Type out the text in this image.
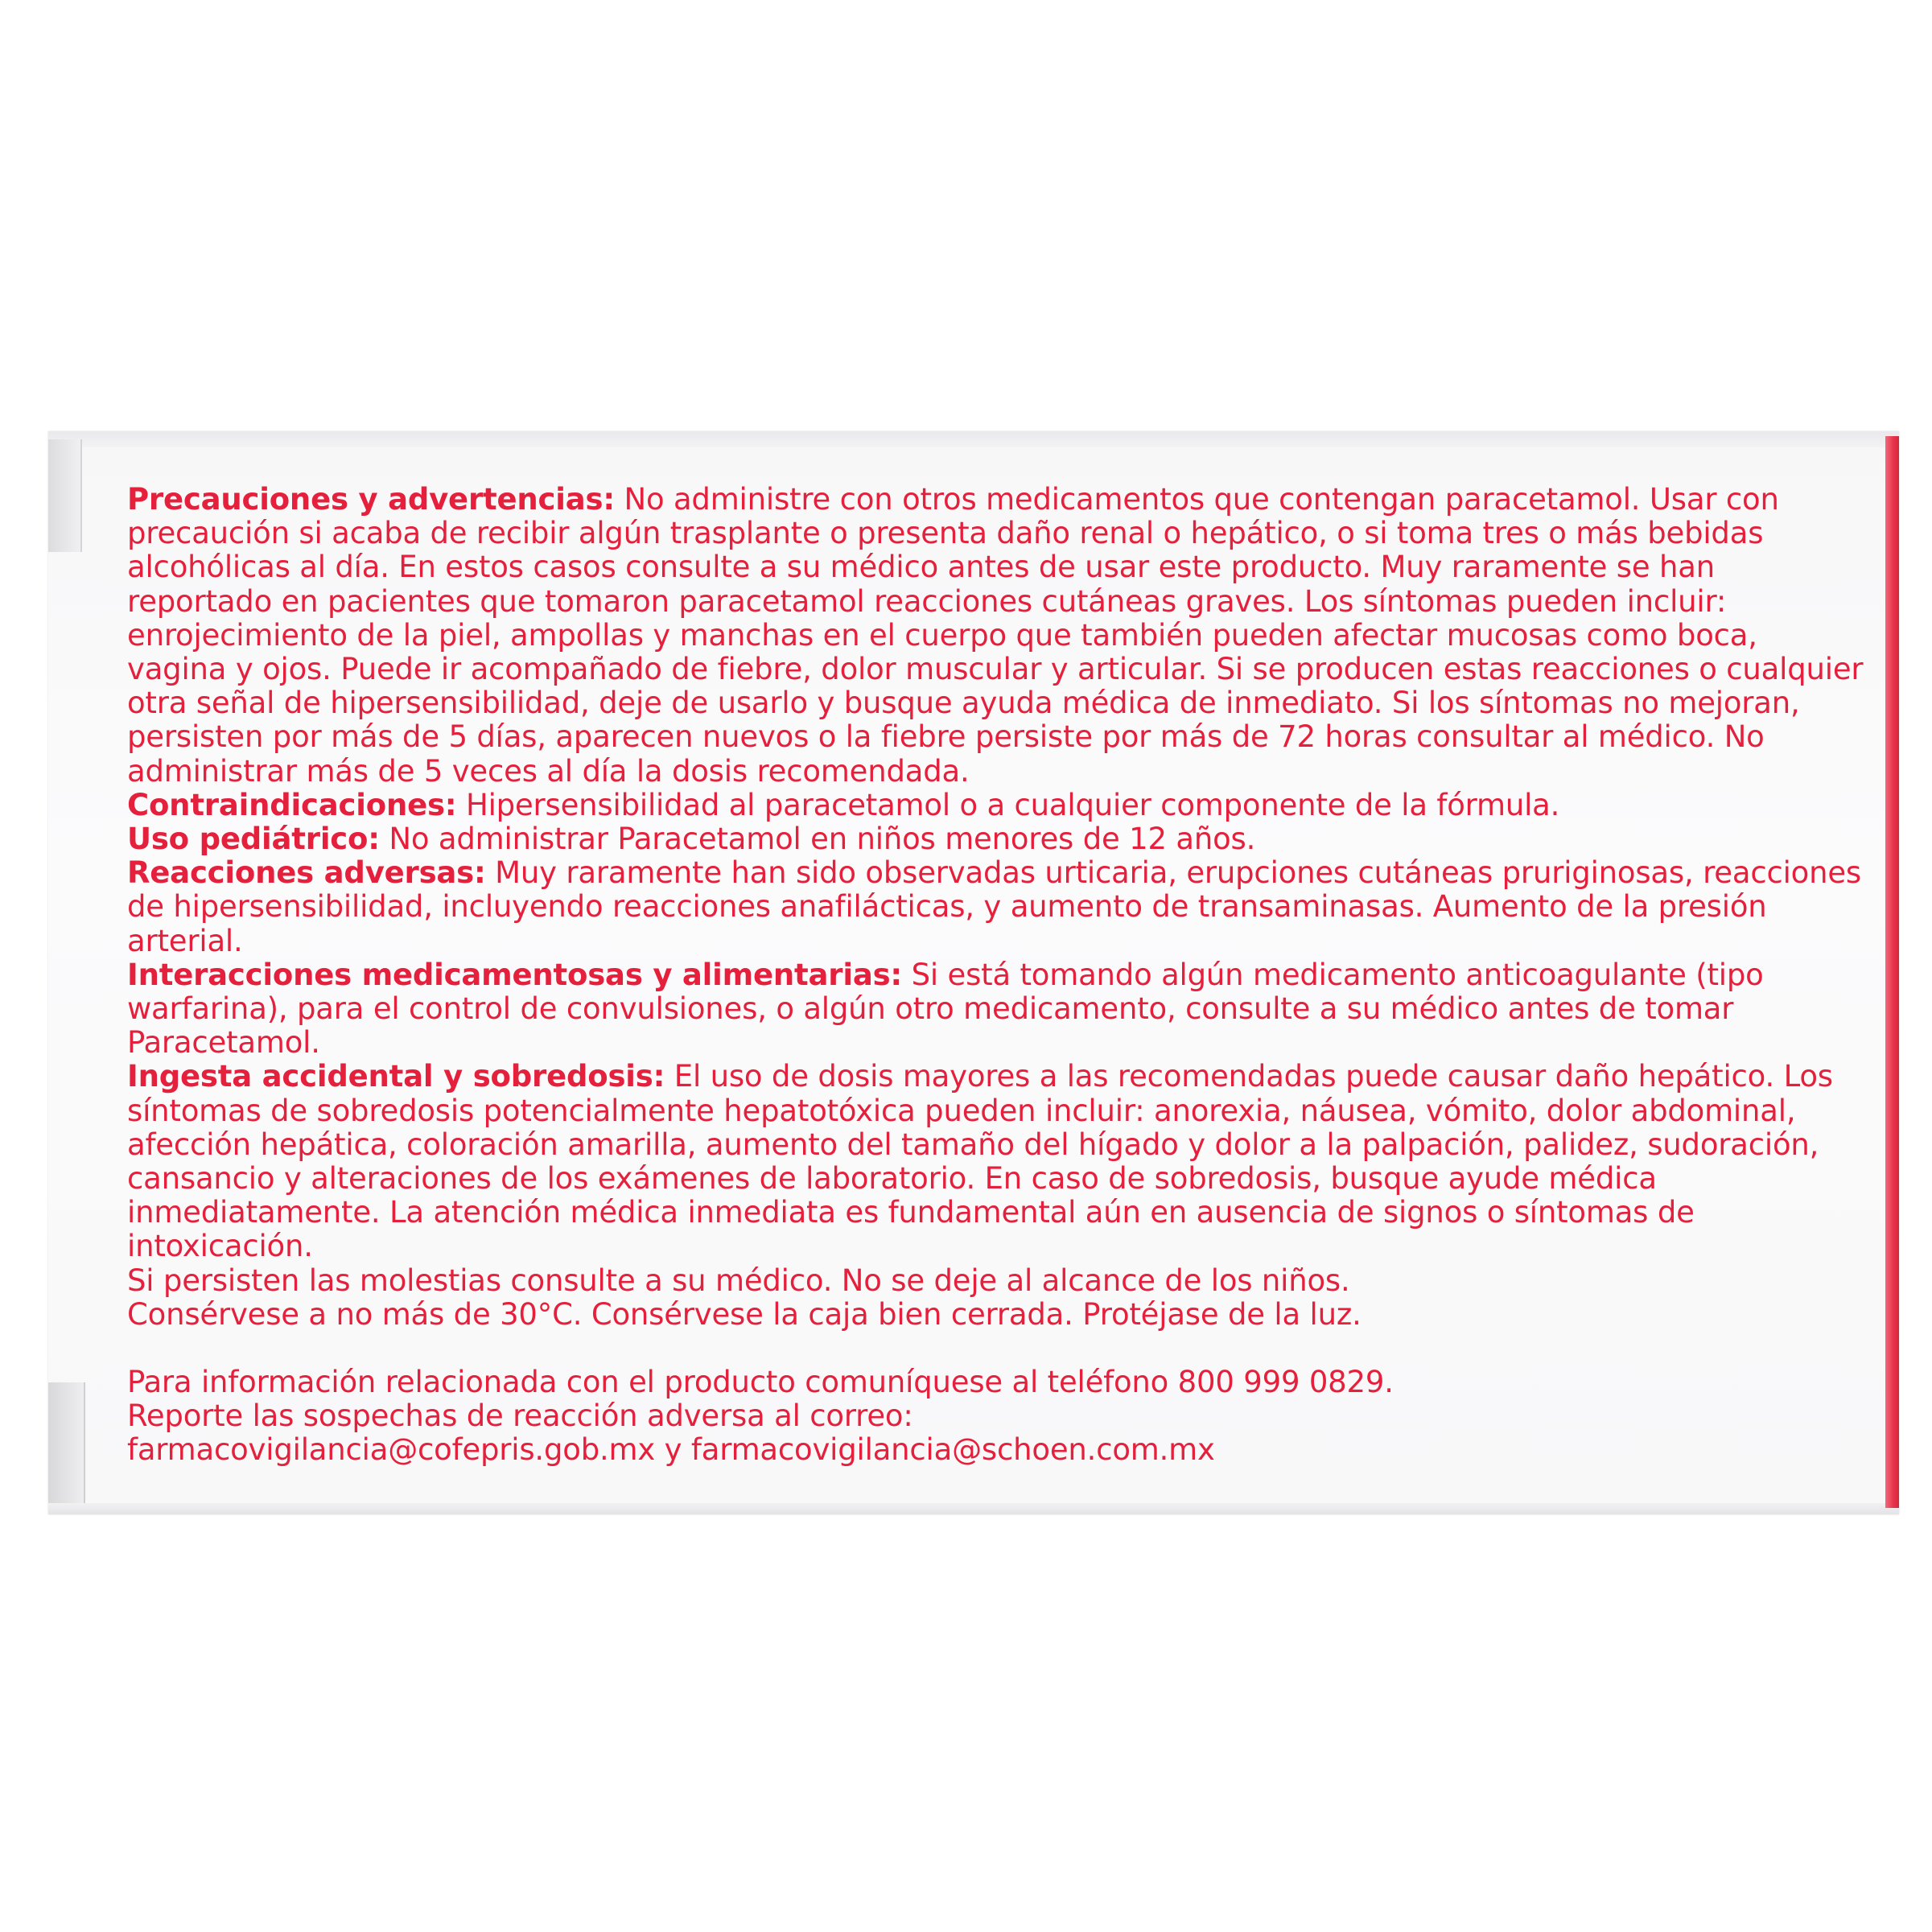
Precauciones y advertencias: No administre con otros medicamentos que contengan paracetamol. Usar con precaución si acaba de recibir algún trasplante o presenta daño renal o hepático, o si toma tres o más bebidas alcohólicas al día. En estos casos consulte a su médico antes de usar este producto. Muy raramente se han reportado en pacientes que tomaron paracetamol reacciones cutáneas graves. Los síntomas pueden incluir: enrojecimiento de la piel, ampollas y manchas en el cuerpo que también pueden afectar mucosas como boca, vagina y ojos. Puede ir acompañado de fiebre, dolor muscular y articular. Si se producen estas reacciones o cualquier otra señal de hipersensibilidad, deje de usarlo y busque ayuda médica de inmediato. Si los síntomas no mejoran, persisten por más de 5 días, aparecen nuevos o la fiebre persiste por más de 72 horas consultar al médico. No administrar más de 5 veces al día la dosis recomendada.

Contraindicaciones: Hipersensibilidad al paracetamol o a cualquier componente de la fórmula.

Uso pediátrico: No administrar Paracetamol en niños menores de 12 años.

Reacciones adversas: Muy raramente han sido observadas urticaria, erupciones cutáneas pruriginosas, reacciones de hipersensibilidad, incluyendo reacciones anafilácticas, y aumento de transaminasas. Aumento de la presión arterial.

Interacciones medicamentosas y alimentarias: Si está tomando algún medicamento anticoagulante (tipo warfarina), para el control de convulsiones, o algún otro medicamento, consulte a su médico antes de tomar Paracetamol.

Ingesta accidental y sobredosis: El uso de dosis mayores a las recomendadas puede causar daño hepático. Los síntomas de sobredosis potencialmente hepatotóxica pueden incluir: anorexia, náusea, vómito, dolor abdominal, afección hepática, coloración amarilla, aumento del tamaño del hígado y dolor a la palpación, palidez, sudoración, cansancio y alteraciones de los exámenes de laboratorio. En caso de sobredosis, busque ayude médica inmediatamente. La atención médica inmediata es fundamental aún en ausencia de signos o síntomas de intoxicación.

Si persisten las molestias consulte a su médico. No se deje al alcance de los niños.

Consérvese a no más de 30°C. Consérvese la caja bien cerrada. Protéjase de la luz.

Para información relacionada con el producto comuníquese al teléfono 800 999 0829.

Reporte las sospechas de reacción adversa al correo:

farmacovigilancia@cofepris.gob.mx y farmacovigilancia@schoen.com.mx
